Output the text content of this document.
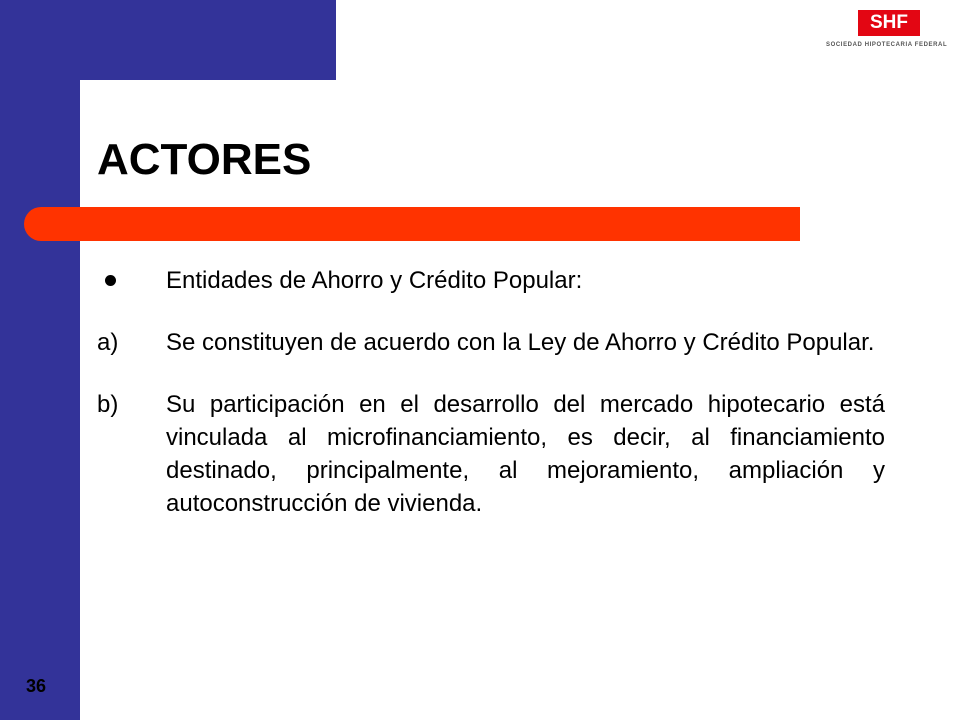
SHF
SOCIEDAD HIPOTECARIA FEDERAL
ACTORES
Entidades de Ahorro y Crédito Popular:
a) Se constituyen de acuerdo con la Ley de Ahorro y Crédito Popular.
b) Su participación en el desarrollo del mercado hipotecario está vinculada al microfinanciamiento, es decir, al financiamiento destinado, principalmente, al mejoramiento, ampliación y autoconstrucción de vivienda.
36
